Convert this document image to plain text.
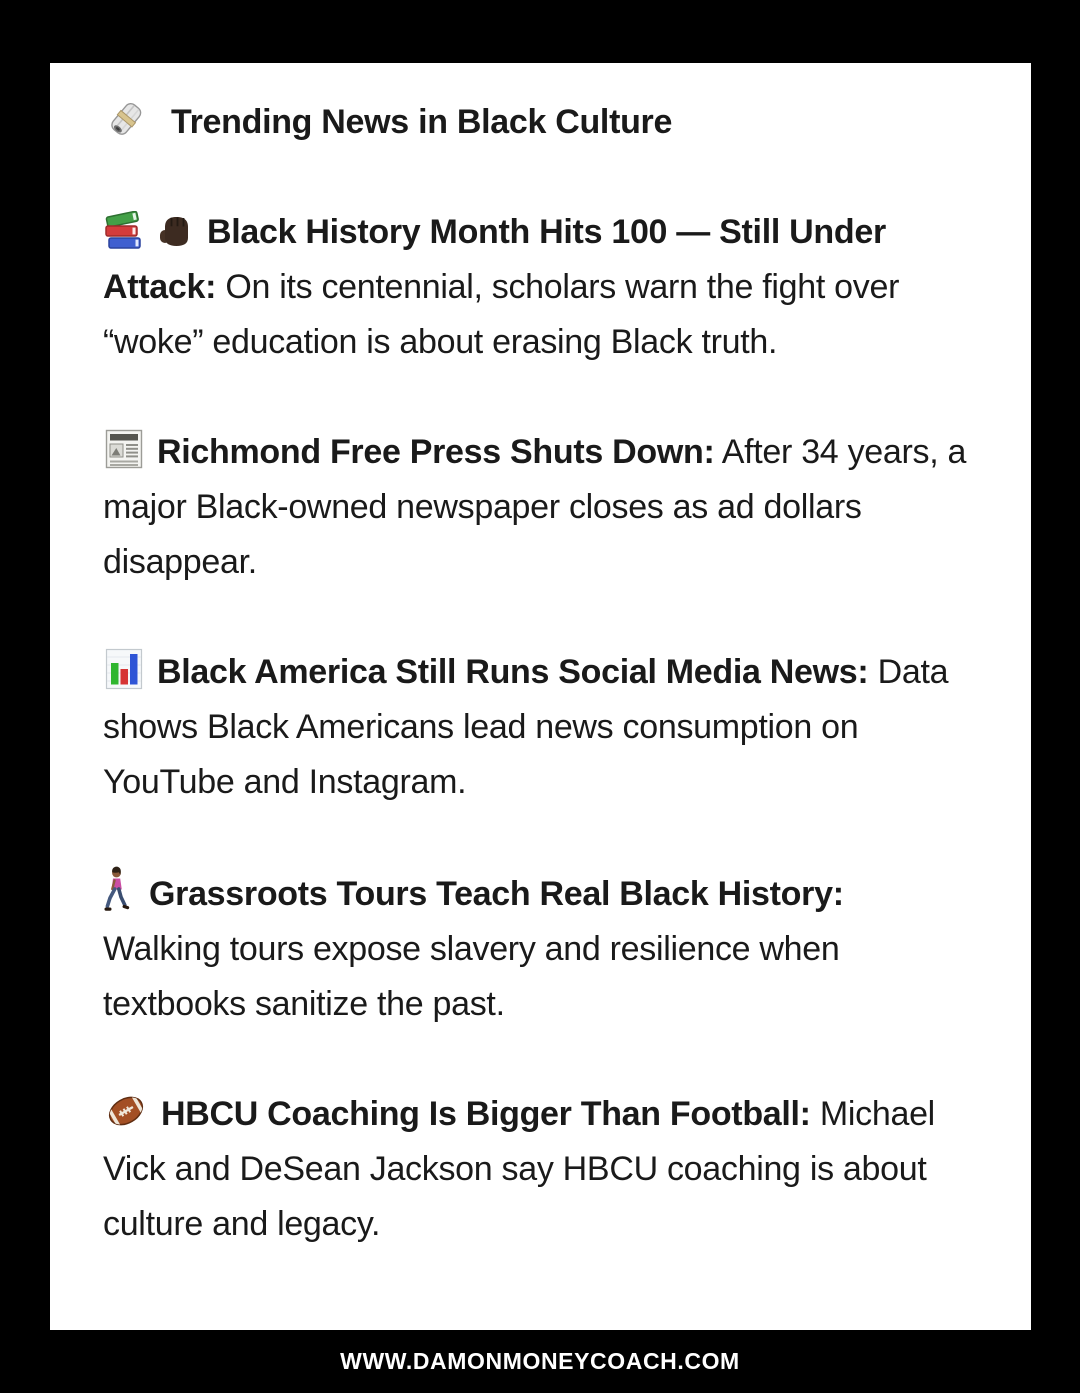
Trending News in Black Culture

Black History Month Hits 100 — Still Under Attack: On its centennial, scholars warn the fight over “woke” education is about erasing Black truth.

Richmond Free Press Shuts Down: After 34 years, a major Black-owned newspaper closes as ad dollars disappear.

Black America Still Runs Social Media News: Data shows Black Americans lead news consumption on YouTube and Instagram.

Grassroots Tours Teach Real Black History: Walking tours expose slavery and resilience when textbooks sanitize the past.

HBCU Coaching Is Bigger Than Football: Michael Vick and DeSean Jackson say HBCU coaching is about culture and legacy.

WWW.DAMONMONEYCOACH.COM
